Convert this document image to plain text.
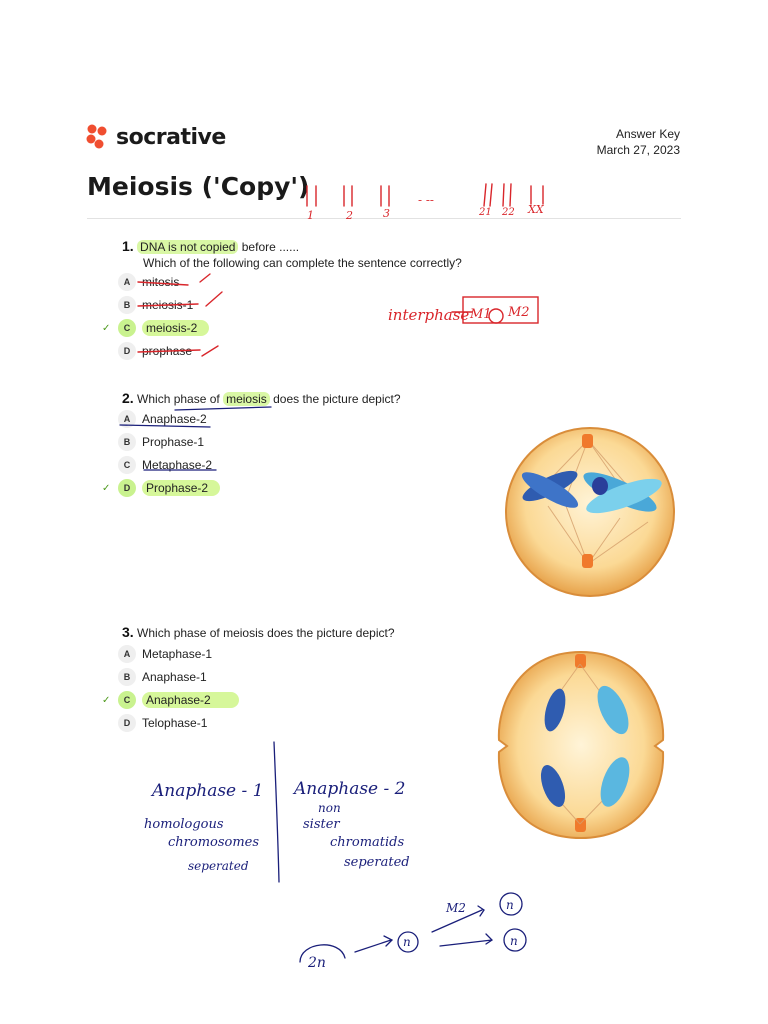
socrative	Answer Key
March 27, 2023
Meiosis ('Copy')
1. DNA is not copied before ......
Which of the following can complete the sentence correctly?
A mitosis
B meiosis-1
✓	C	meiosis-2
D prophase
2. Which phase of meiosis does the picture depict?
A Anaphase-2
B Prophase-1
C Metaphase-2
✓	D	Prophase-2
3. Which phase of meiosis does the picture depict?
A Metaphase-1
B Anaphase-1
✓	C	Anaphase-2
D Telophase-1
1	2	3
- --
21 22 XX
interphase M1 M2
Anaphase - 1
homologous
chromosomes
seperated
Anaphase - 2
non
sister
chromatids
seperated
M2
2n
n
n
n
